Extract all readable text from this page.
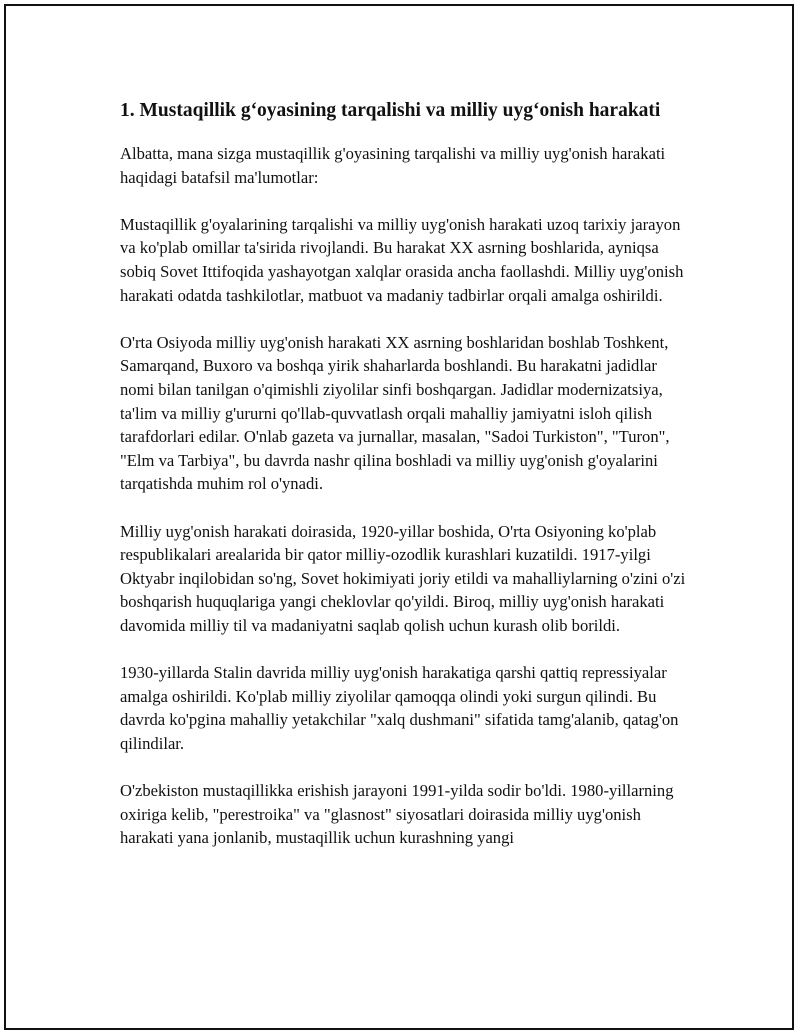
1. Mustaqillik g‘oyasining tarqalishi va milliy uyg‘onish harakati

Albatta, mana sizga mustaqillik g'oyasining tarqalishi va milliy uyg'onish harakati haqidagi batafsil ma'lumotlar:

Mustaqillik g'oyalarining tarqalishi va milliy uyg'onish harakati uzoq tarixiy jarayon va ko'plab omillar ta'sirida rivojlandi. Bu harakat XX asrning boshlarida, ayniqsa sobiq Sovet Ittifoqida yashayotgan xalqlar orasida ancha faollashdi. Milliy uyg'onish harakati odatda tashkilotlar, matbuot va madaniy tadbirlar orqali amalga oshirildi.

O'rta Osiyoda milliy uyg'onish harakati XX asrning boshlaridan boshlab Toshkent, Samarqand, Buxoro va boshqa yirik shaharlarda boshlandi. Bu harakatni jadidlar nomi bilan tanilgan o'qimishli ziyolilar sinfi boshqargan. Jadidlar modernizatsiya, ta'lim va milliy g'ururni qo'llab-quvvatlash orqali mahalliy jamiyatni isloh qilish tarafdorlari edilar. O'nlab gazeta va jurnallar, masalan, "Sadoi Turkiston", "Turon", "Elm va Tarbiya", bu davrda nashr qilina boshladi va milliy uyg'onish g'oyalarini tarqatishda muhim rol o'ynadi.

Milliy uyg'onish harakati doirasida, 1920-yillar boshida, O'rta Osiyoning ko'plab respublikalari arealarida bir qator milliy-ozodlik kurashlari kuzatildi. 1917-yilgi Oktyabr inqilobidan so'ng, Sovet hokimiyati joriy etildi va mahalliylarning o'zini o'zi boshqarish huquqlariga yangi cheklovlar qo'yildi. Biroq, milliy uyg'onish harakati davomida milliy til va madaniyatni saqlab qolish uchun kurash olib borildi.

1930-yillarda Stalin davrida milliy uyg'onish harakatiga qarshi qattiq repressiyalar amalga oshirildi. Ko'plab milliy ziyolilar qamoqqa olindi yoki surgun qilindi. Bu davrda ko'pgina mahalliy yetakchilar "xalq dushmani" sifatida tamg'alanib, qatag'on qilindilar.

O'zbekiston mustaqillikka erishish jarayoni 1991-yilda sodir bo'ldi. 1980-yillarning oxiriga kelib, "perestroika" va "glasnost" siyosatlari doirasida milliy uyg'onish harakati yana jonlanib, mustaqillik uchun kurashning yangi
